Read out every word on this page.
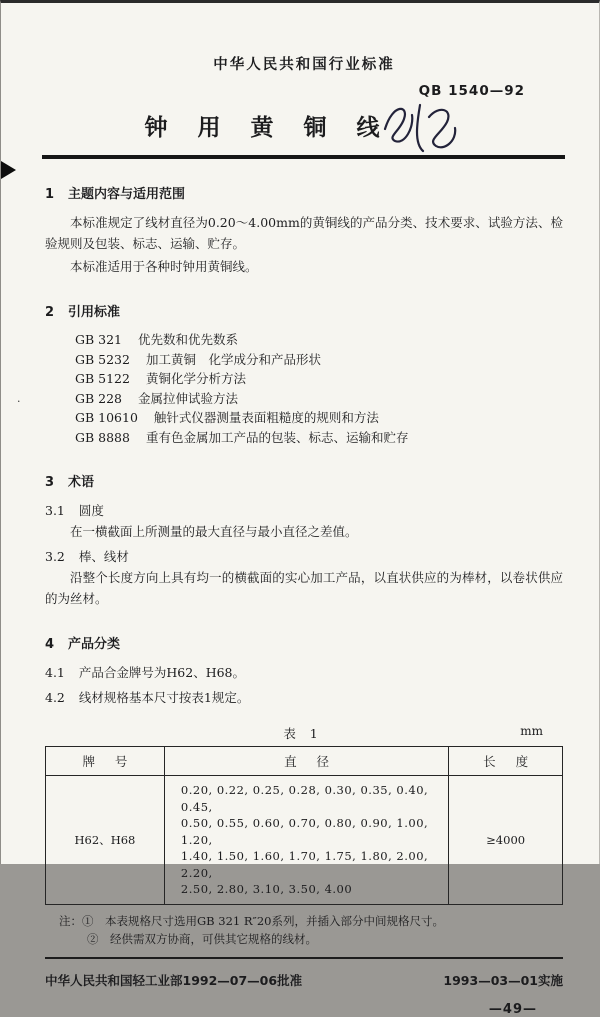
·
中华人民共和国行业标准
QB 1540—92
钟 用 黄 铜 线
1 主题内容与适用范围

本标准规定了线材直径为0.20～4.00mm的黄铜线的产品分类、技术要求、试验方法、检验规则及包装、标志、运输、贮存。

本标准适用于各种时钟用黄铜线。

2 引用标准
GB 321 优先数和优先数系
GB 5232 加工黄铜　化学成分和产品形状
GB 5122 黄铜化学分析方法
GB 228 金属拉伸试验方法
GB 10610 触针式仪器测量表面粗糙度的规则和方法
GB 8888 重有色金属加工产品的包装、标志、运输和贮存
3 术语
3.1 圆度

在一横截面上所测量的最大直径与最小直径之差值。

3.2 棒、线材

沿整个长度方向上具有均一的横截面的实心加工产品，以直状供应的为棒材，以卷状供应的为丝材。

4 产品分类
4.1 产品合金牌号为H62、H68。
4.2 线材规格基本尺寸按表1规定。
表 1	mm
牌 号	直 径	长 度
H62、H68	0.20, 0.22, 0.25, 0.28, 0.30, 0.35, 0.40, 0.45,
0.50, 0.55, 0.60, 0.70, 0.80, 0.90, 1.00, 1.20,
1.40, 1.50, 1.60, 1.70, 1.75, 1.80, 2.00, 2.20,
2.50, 2.80, 3.10, 3.50, 4.00	≥4000
注：①　本表规格尺寸选用GB 321 R″20系列，并插入部分中间规格尺寸。
②　经供需双方协商，可供其它规格的线材。
中华人民共和国轻工业部1992—07—06批准	1993—03—01实施
—49—
